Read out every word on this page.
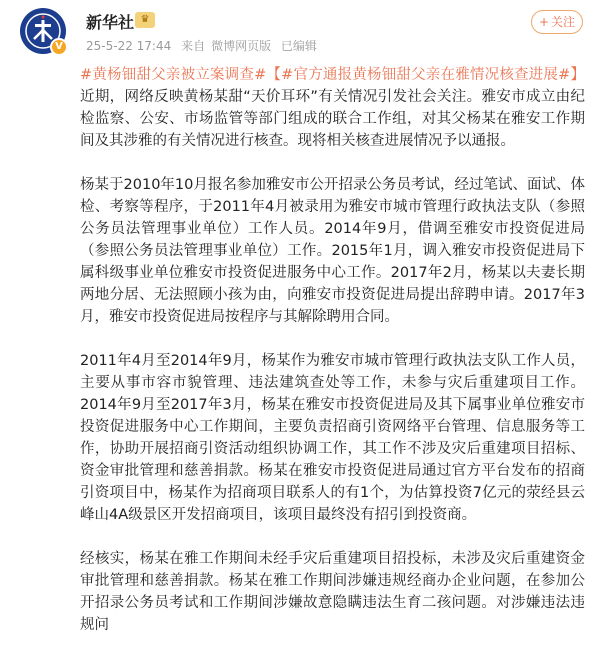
V
新华社 ♛
25-5-22 17:44 来自 微博网页版 已编辑
+ 关注

#黄杨钿甜父亲被立案调查#【#官方通报黄杨钿甜父亲在雅情况核查进展#】近期，网络反映黄杨某甜“天价耳环”有关情况引发社会关注。雅安市成立由纪检监察、公安、市场监管等部门组成的联合工作组，对其父杨某在雅安工作期间及其涉雅的有关情况进行核查。现将相关核查进展情况予以通报。

杨某于2010年10月报名参加雅安市公开招录公务员考试，经过笔试、面试、体检、考察等程序，于2011年4月被录用为雅安市城市管理行政执法支队（参照公务员法管理事业单位）工作人员。2014年9月，借调至雅安市投资促进局（参照公务员法管理事业单位）工作。2015年1月，调入雅安市投资促进局下属科级事业单位雅安市投资促进服务中心工作。2017年2月，杨某以夫妻长期两地分居、无法照顾小孩为由，向雅安市投资促进局提出辞聘申请。2017年3月，雅安市投资促进局按程序与其解除聘用合同。

2011年4月至2014年9月，杨某作为雅安市城市管理行政执法支队工作人员，主要从事市容市貌管理、违法建筑查处等工作，未参与灾后重建项目工作。2014年9月至2017年3月，杨某在雅安市投资促进局及其下属事业单位雅安市投资促进服务中心工作期间，主要负责招商引资网络平台管理、信息服务等工作，协助开展招商引资活动组织协调工作，其工作不涉及灾后重建项目招标、资金审批管理和慈善捐款。杨某在雅安市投资促进局通过官方平台发布的招商引资项目中，杨某作为招商项目联系人的有1个，为估算投资7亿元的荥经县云峰山4A级景区开发招商项目，该项目最终没有招引到投资商。

经核实，杨某在雅工作期间未经手灾后重建项目招投标，未涉及灾后重建资金审批管理和慈善捐款。杨某在雅工作期间涉嫌违规经商办企业问题，在参加公开招录公务员考试和工作期间涉嫌故意隐瞒违法生育二孩问题。对涉嫌违法违规问
